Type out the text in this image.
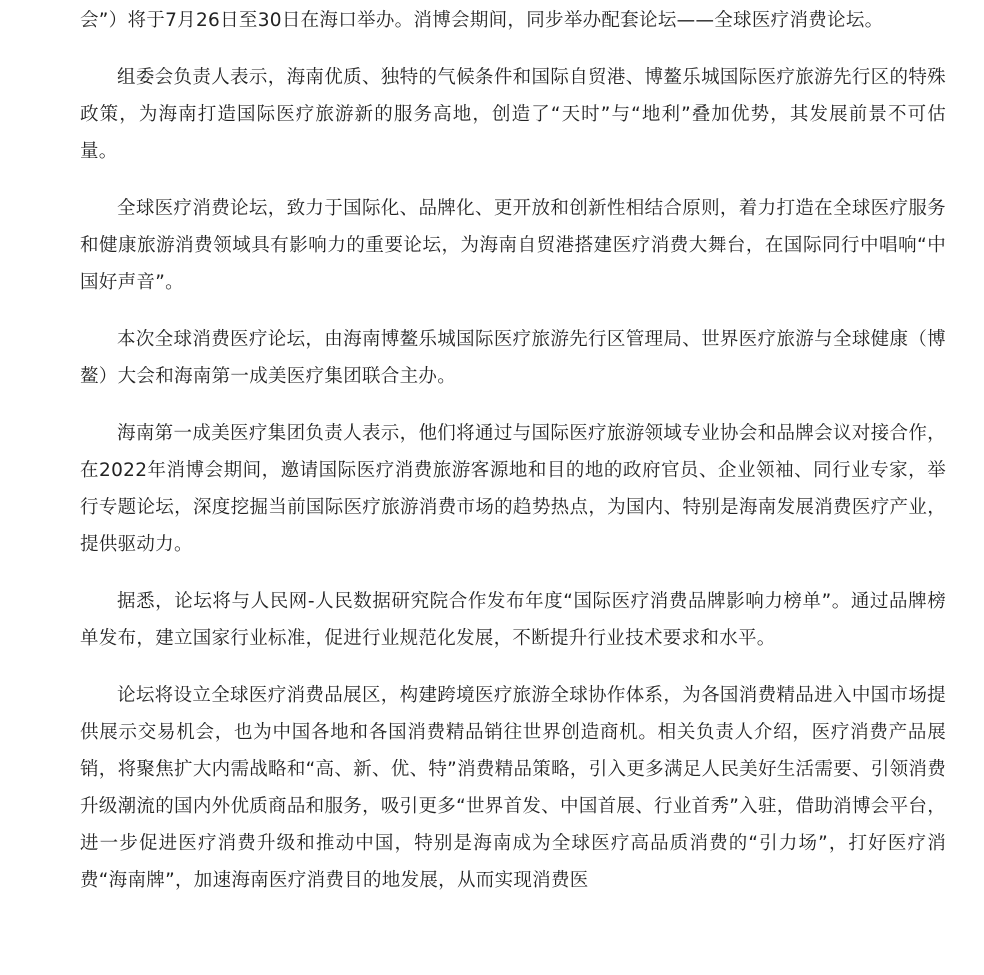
会”）将于7月26日至30日在海口举办。消博会期间，同步举办配套论坛——全球医疗消费论坛。

组委会负责人表示，海南优质、独特的气候条件和国际自贸港、博鳌乐城国际医疗旅游先行区的特殊政策，为海南打造国际医疗旅游新的服务高地，创造了“天时”与“地利”叠加优势，其发展前景不可估量。

全球医疗消费论坛，致力于国际化、品牌化、更开放和创新性相结合原则，着力打造在全球医疗服务和健康旅游消费领域具有影响力的重要论坛，为海南自贸港搭建医疗消费大舞台，在国际同行中唱响“中国好声音”。

本次全球消费医疗论坛，由海南博鳌乐城国际医疗旅游先行区管理局、世界医疗旅游与全球健康（博鳌）大会和海南第一成美医疗集团联合主办。

海南第一成美医疗集团负责人表示，他们将通过与国际医疗旅游领域专业协会和品牌会议对接合作，在2022年消博会期间，邀请国际医疗消费旅游客源地和目的地的政府官员、企业领袖、同行业专家，举行专题论坛，深度挖掘当前国际医疗旅游消费市场的趋势热点，为国内、特别是海南发展消费医疗产业，提供驱动力。

据悉，论坛将与人民网-人民数据研究院合作发布年度“国际医疗消费品牌影响力榜单”。通过品牌榜单发布，建立国家行业标准，促进行业规范化发展，不断提升行业技术要求和水平。

论坛将设立全球医疗消费品展区，构建跨境医疗旅游全球协作体系，为各国消费精品进入中国市场提供展示交易机会，也为中国各地和各国消费精品销往世界创造商机。相关负责人介绍，医疗消费产品展销，将聚焦扩大内需战略和“高、新、优、特”消费精品策略，引入更多满足人民美好生活需要、引领消费升级潮流的国内外优质商品和服务，吸引更多“世界首发、中国首展、行业首秀”入驻，借助消博会平台，进一步促进医疗消费升级和推动中国，特别是海南成为全球医疗高品质消费的“引力场”，打好医疗消费“海南牌”，加速海南医疗消费目的地发展，从而实现消费医
